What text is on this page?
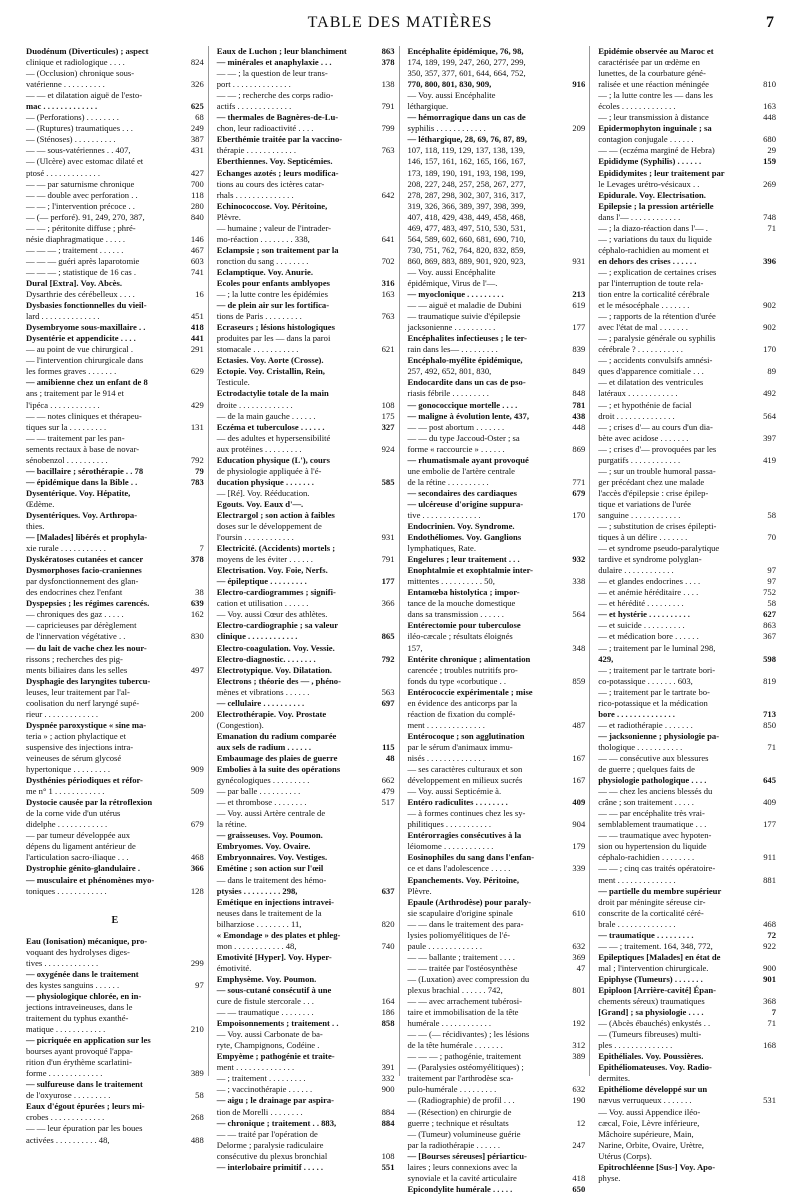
TABLE DES MATIÈRES	7
Duodénum (Diverticules) ; aspect
clinique et radiologique . . . .	824
— (Occlusion) chronique sous-
vatérienne . . . . . . . . . .	326
— — et dilatation aiguë de l'esto-
mac . . . . . . . . . . . . .	625
— (Perforations) . . . . . . . .	68
— (Ruptures) traumatiques . . .	249
— (Sténoses) . . . . . . . . . .	387
— — sous-vatériennes . . 407,	431
— (Ulcère) avec estomac dilaté et
ptosé . . . . . . . . . . . . .	427
— — par saturnisme chronique	700
— — double avec perforation . .	118
— — ; l'intervention précoce . .	280
— (— perforé). 91, 249, 270, 387,	840
— — ; péritonite diffuse ; phré-
nésie diaphragmatique . . . . .	146
— — — ; traitement . . . . . .	467
— — — guéri après laparotomie	603
— — — ; statistique de 16 cas .	741
Dural [Extra]. Voy. Abcès.
Dysarthrie des cérébelleux . . . .	16
Dysbasies fonctionnelles du vieil-
lard . . . . . . . . . . . . . .	451
Dysembryome sous-maxillaire . .	418
Dysentérie et appendicite . . . .	441
— au point de vue chirurgical .	291
— l'intervention chirurgicale dans
les formes graves . . . . . . .	629
— amibienne chez un enfant de 8
ans ; traitement par le 914 et
l'ipéca . . . . . . . . . . . .	429
— — notes cliniques et thérapeu-
tiques sur la . . . . . . . . .	131
— — traitement par les pan-
sements rectaux à base de novar-
sénobenzol . . . . . . . . . .	792
— bacillaire ; sérothérapie . . 78	79
— épidémique dans la Bible . .	783
Dysentérique. Voy. Hépatite,
Œdème.
Dysentériques. Voy. Arthropa-
thies.
— [Malades] libérés et prophyla-
xie rurale . . . . . . . . . . .	7
Dyskératoses cutanées et cancer	378
Dysmorphoses facio-craniennes
par dysfonctionnement des glan-
des endocrines chez l'enfant	38
Dyspepsies ; les régimes carencés.	639
— chroniques des gaz . . . . .	162
— capricieuses par dérèglement
de l'innervation végétative . .	830
— du lait de vache chez les nour-
rissons ; recherches des pig-
ments biliaires dans les selles	497
Dysphagie des laryngites tubercu-
leuses, leur traitement par l'al-
coolisation du nerf laryngé supé-
rieur . . . . . . . . . . . . .	200
Dyspnée paroxystique « sine ma-
teria » ; action phylactique et
suspensive des injections intra-
veineuses de sérum glycosé
hypertonique . . . . . . . . .	909
Dysthénies périodiques et réfor-
me n° 1 . . . . . . . . . . . .	509
Dystocie causée par la rétroflexion
de la corne vide d'un utérus
didelphe . . . . . . . . . . . .	679
— par tumeur développée aux
dépens du ligament antérieur de
l'articulation sacro-iliaque . . .	468
Dystrophie génito-glandulaire .	366
— musculaire et phénomènes myo-
toniques . . . . . . . . . . . .	128
E
Eau (Ionisation) mécanique, pro-
voquant des hydrolyses diges-
tives . . . . . . . . . . . . .	299
— oxygénée dans le traitement
des kystes sanguins . . . . . .	97
— physiologique chlorée, en in-
jections intraveineuses, dans le
traitement du typhus exanthé-
matique . . . . . . . . . . . .	210
— picriquée en application sur les
bourses ayant provoqué l'appa-
rition d'un érythème scarlatini-
forme . . . . . . . . . . . . .	389
— sulfureuse dans le traitement
de l'oxyurose . . . . . . . . .	58
Eaux d'égout épurées ; leurs mi-
crobes . . . . . . . . . . . . .	268
— — leur épuration par les boues
activées . . . . . . . . . . 48,	488
Eaux de Luchon ; leur blanchiment	863
— minérales et anaphylaxie . . .	378
— — ; la question de leur trans-
port . . . . . . . . . . . . . .	138
— — ; recherche des corps radio-
actifs . . . . . . . . . . . . .	791
— thermales de Bagnères-de-Lu-
chon, leur radioactivité . . . .	799
Eberthémie traitée par la vaccino-
thérapie . . . . . . . . . . . .	763
Eberthiennes. Voy. Septicémies.
Echanges azotés ; leurs modifica-
tions au cours des ictères catar-
rhals . . . . . . . . . . . . . .	642
Echinococcose. Voy. Péritoine,
Plèvre.
— humaine ; valeur de l'intrader-
mo-réaction . . . . . . . . 338,	641
Eclampsie ; son traitement par la
ronction du sang . . . . . . . .	702
Eclamptique. Voy. Anurie.
Ecoles pour enfants amblyopes	316
— ; la lutte contre les épidémies	163
— de plein air sur les fortifica-
tions de Paris . . . . . . . . .	763
Ecraseurs ; lésions histologiques
produites par les — dans la paroi
stomacale . . . . . . . . . . .	621
Ectasies. Voy. Aorte (Crosse).
Ectopie. Voy. Cristallin, Rein,
Testicule.
Ectrodactylie totale de la main
droite . . . . . . . . . . . . .	108
— de la main gauche . . . . . .	175
Eczéma et tuberculose . . . . . .	327
— des adultes et hypersensibilité
aux protéines . . . . . . . . .	924
Education physique (L'), cours
de physiologie appliquée à l'é-
ducation physique . . . . . . .	585
— [Ré]. Voy. Rééducation.
Egouts. Voy. Eaux d'—.
Electrargol ; son action à faibles
doses sur le développement de
l'oursin . . . . . . . . . . . .	931
Electricité. (Accidents) mortels ;
moyens de les éviter . . . . . .	791
Electrisation. Voy. Foie, Nerfs.
— épileptique . . . . . . . . .	177
Electro-cardiogrammes ; signifi-
cation et utilisation . . . . . .	366
— Voy. aussi Cœur des athlètes.
Electro-cardiographie ; sa valeur
clinique . . . . . . . . . . . .	865
Electro-coagulation. Voy. Vessie.
Electro-diagnostic. . . . . . . .	792
Electrotypique. Voy. Dilatation.
Electrons ; théorie des — , phéno-
mènes et vibrations . . . . . .	563
— cellulaire . . . . . . . . . .	697
Electrothérapie. Voy. Prostate
(Congestion).
Emanation du radium comparée
aux sels de radium . . . . . .	115
Embaumage des plaies de guerre	48
Embolies à la suite des opérations
gynécologiques . . . . . . . . .	662
— par balle . . . . . . . . . .	479
— et thrombose . . . . . . . .	517
— Voy. aussi Artère centrale de
la rétine.
— graisseuses. Voy. Poumon.
Embryomes. Voy. Ovaire.
Embryonnaires. Voy. Vestiges.
Emétine ; son action sur l'œil
— dans le traitement des hémo-
ptysies . . . . . . . . . 298,	637
Emétique en injections intravei-
neuses dans le traitement de la
bilharziose . . . . . . . . 11,	820
« Emondage » des plates et phleg-
mon . . . . . . . . . . . . 48,	740
Emotivité [Hyper]. Voy. Hyper-
émotivité.
Emphysème. Voy. Poumon.
— sous-cutané consécutif à une
cure de fistule stercorale . . .	164
— — traumatique . . . . . . . .	186
Empoisonnements ; traitement . .	858
— Voy. aussi Carbonate de ba-
ryte, Champignons, Codéine .
Empyème ; pathogénie et traite-
ment . . . . . . . . . . . . . .	391
— ; traitement . . . . . . . . .	332
— ; vaccinothérapie . . . . . .	900
— aigu ; le drainage par aspira-
tion de Morelli . . . . . . . .	884
— chronique ; traitement . . 883,	884
— — traité par l'opération de
Delorme ; paralysie radiculaire
consécutive du plexus bronchial	108
— interlobaire primitif . . . . .	551
Encéphalite épidémique, 76, 98,
174, 189, 199, 247, 260, 277, 299,
350, 357, 377, 601, 644, 664, 752,
770, 800, 801, 830, 909,	916
— Voy. aussi Encéphalite
léthargique.
— hémorragique dans un cas de
syphilis . . . . . . . . . . . .	209
— léthargique, 28, 69, 76, 87, 89,
107, 118, 119, 129, 137, 138, 139,
146, 157, 161, 162, 165, 166, 167,
173, 189, 190, 191, 193, 198, 199,
208, 227, 248, 257, 258, 267, 277,
278, 287, 298, 302, 307, 316, 317,
319, 326, 366, 389, 397, 398, 399,
407, 418, 429, 438, 449, 458, 468,
469, 477, 483, 497, 510, 530, 531,
564, 589, 602, 660, 681, 690, 710,
730, 751, 762, 764, 820, 832, 859,
860, 869, 883, 889, 901, 920, 923,	931
— Voy. aussi Encéphalite
épidémique, Virus de l'—.
— myoclonique . . . . . . . . .	213
— — aiguë et maladie de Dubini	619
— traumatique suivie d'épilepsie
jacksonienne . . . . . . . . . .	177
Encéphalites infectieuses ; le ter-
rain dans les— . . . . . . . . .	839
Encéphalo-myélite épidémique,
257, 492, 652, 801, 830,	849
Endocardite dans un cas de pso-
riasis fébrile . . . . . . . . .	848
— gonococcique mortelle . . . .	781
— maligne à évolution lente, 437,	438
— — post abortum . . . . . . .	448
— — du type Jaccoud-Oster ; sa
forme « raccourcie » . . . . . .	869
— rhumatismale ayant provoqué
une embolie de l'artère centrale
de la rétine . . . . . . . . . .	771
— secondaires des cardiaques	679
— ulcéreuse d'origine suppura-
tive . . . . . . . . . . . . . .	170
Endocrinien. Voy. Syndrome.
Endothéliomes. Voy. Ganglions
lymphatiques, Rate.
Engelures ; leur traitement . . .	932
Enophtalmie et exophtalmie inter-
mittentes . . . . . . . . . . 50,	338
Entamœba histolytica ; impor-
tance de la mouche domestique
dans sa transmission . . . . . .	564
Entérectomie pour tuberculose
iléo-cæcale ; résultats éloignés
157,	348
Entérite chronique ; alimentation
carencée ; troubles nutritifs pro-
fonds du type «corbutique . .	859
Entérococcie expérimentale ; mise
en évidence des anticorps par la
réaction de fixation du complé-
ment . . . . . . . . . . . . . .	487
Entérocoque ; son agglutination
par le sérum d'animaux immu-
nisés . . . . . . . . . . . . . .	167
— ses caractères culturaux et son
développement en milieux sucrés	167
— Voy. aussi Septicémie à.
Entéro radiculites . . . . . . . .	409
— à formes continues chez les sy-
philitiques . . . . . . . . . . .	904
Entérorragies consécutives à la
léiomome . . . . . . . . . . . .	179
Eosinophiles du sang dans l'enfan-
ce et dans l'adolescence . . . . .	339
Epanchements. Voy. Péritoine,
Plèvre.
Epaule (Arthrodèse) pour paraly-
sie scapulaire d'origine spinale	610
— — dans le traitement des para-
lysies poliomyélitiques de l'é-
paule . . . . . . . . . . . . .	632
— — ballante ; traitement . . . .	369
— — traitée par l'ostéosynthèse	47
— (Luxation) avec compression du
plexus brachial . . . . . . 742,	801
— — avec arrachement tubérosi-
taire et immobilisation de la tête
humérale . . . . . . . . . . . .	192
— — (— récidivantes) ; les lésions
de la tête humérale . . . . . . .	312
— — — ; pathogénie, traitement	389
— (Paralysies ostéomyélitiques) ;
traitement par l'arthrodèse sca-
pulo-humérale . . . . . . . . .	632
— (Radiographie) de profil . . .	190
— (Résection) en chirurgie de
guerre ; technique et résultats	12
— (Tumeur) volumineuse guérie
par la radiothérapie . . . . . .	247
— [Bourses séreuses] périarticu-
laires ; leurs connexions avec la
synoviale et la cavité articulaire	418
Epicondylite humérale . . . . .	650
Epidémie observée au Maroc et
caractérisée par un œdème en
lunettes, de la courbature géné-
ralisée et une réaction méningée	810
— ; la lutte contre les — dans les
écoles . . . . . . . . . . . . .	163
— ; leur transmission à distance	448
Epidermophyton inguinale ; sa
contagion conjugale . . . . . .	680
— — (eczéma marginé de Hebra)	29
Epididyme (Syphilis) . . . . . .	159
Epididymites ; leur traitement par
le Levages urétro-vésicaux . .	269
Epidurale. Voy. Electrisation.
Epilepsie ; la pression artérielle
dans l'— . . . . . . . . . . . .	748
— ; la diazo-réaction dans l'— .	71
— ; variations du taux du liquide
céphalo-rachidien au moment et
en dehors des crises . . . . . .	396
— ; explication de certaines crises
par l'interruption de toute rela-
tion entre la corticalité cérébrale
et le mésocéphale . . . . . . .	902
— ; rapports de la rétention d'urée
avec l'état de mal . . . . . . .	902
— ; paralysie générale ou syphilis
cérébrale ? . . . . . . . . . . .	170
— ; accidents convulsifs amnési-
ques d'apparence comitiale . . .	89
— et dilatation des ventricules
latéraux . . . . . . . . . . . .	492
— ; et hypothénie de facial
droit . . . . . . . . . . . . . .	564
— ; crises d'— au cours d'un dia-
bète avec acidose . . . . . . .	397
— ; crises d'— provoquées par les
purgatifs . . . . . . . . . . . .	419
— ; sur un trouble humoral passa-
ger précédant chez une malade
l'accès d'épilepsie : crise épilep-
tique et variations de l'urée
sanguine . . . . . . . . . . . .	58
— ; substitution de crises épilepti-
tiques à un délire . . . . . . .	70
— et syndrome pseudo-paralytique
tardive et syndrome polyglan-
dulaire . . . . . . . . . . . .	97
— et glandes endocrines . . . .	97
— et anémie héréditaire . . . .	752
— et hérédité . . . . . . . . .	58
— et hystérie . . . . . . . . . .	627
— et suicide . . . . . . . . . .	863
— et médication bore . . . . . .	367
— ; traitement par le luminal 298,
429,	598
— ; traitement par le tartrate bori-
co-potassique . . . . . . . 603,	819
— ; traitement par le tartrate bo-
rico-potassique et la médication
bore . . . . . . . . . . . . . .	713
— et radiothérapie . . . . . . .	850
— jacksonienne ; physiologie pa-
thologique . . . . . . . . . . .	71
— — consécutive aux blessures
de guerre ; quelques faits de
physiologie pathologique . . . .	645
— — chez les anciens blessés du
crâne ; son traitement . . . . .	409
— — par encéphalite très vrai-
semblablement traumatique . . .	177
— — traumatique avec hypoten-
sion ou hypertension du liquide
céphalo-rachidien . . . . . . . .	911
— — ; cinq cas traités opératoire-
ment . . . . . . . . . . . . . .	881
— partielle du membre supérieur
droit par méningite séreuse cir-
conscrite de la corticalité céré-
brale . . . . . . . . . . . . . .	468
— traumatique . . . . . . . . .	72
— — ; traitement. 164, 348, 772,	922
Epileptiques [Malades] en état de
mal ; l'intervention chirurgicale.	900
Epiphyse (Tumeurs) . . . . . . .	901
Epiploon [Arrière-cavité] Épan-
chements séreux) traumatiques	368
[Grand] ; sa physiologie . . . .	7
— (Abcès ébauchés) enkystés . .	71
— (Tumeurs fibreuses) multi-
ples . . . . . . . . . . . . . .	168
Epithéliales. Voy. Poussières.
Epithéliomateuses. Voy. Radio-
dermites.
Epithéliome développé sur un
nævus verruqueux . . . . . . .	531
— Voy. aussi Appendice iléo-
cæcal, Foie, Lèvre inférieure,
Mâchoire supérieure, Main,
Narine, Orbite, Ovaire, Urètre,
Utérus (Corps).
Epitrochléenne [Sus-] Voy. Apo-
physe.
